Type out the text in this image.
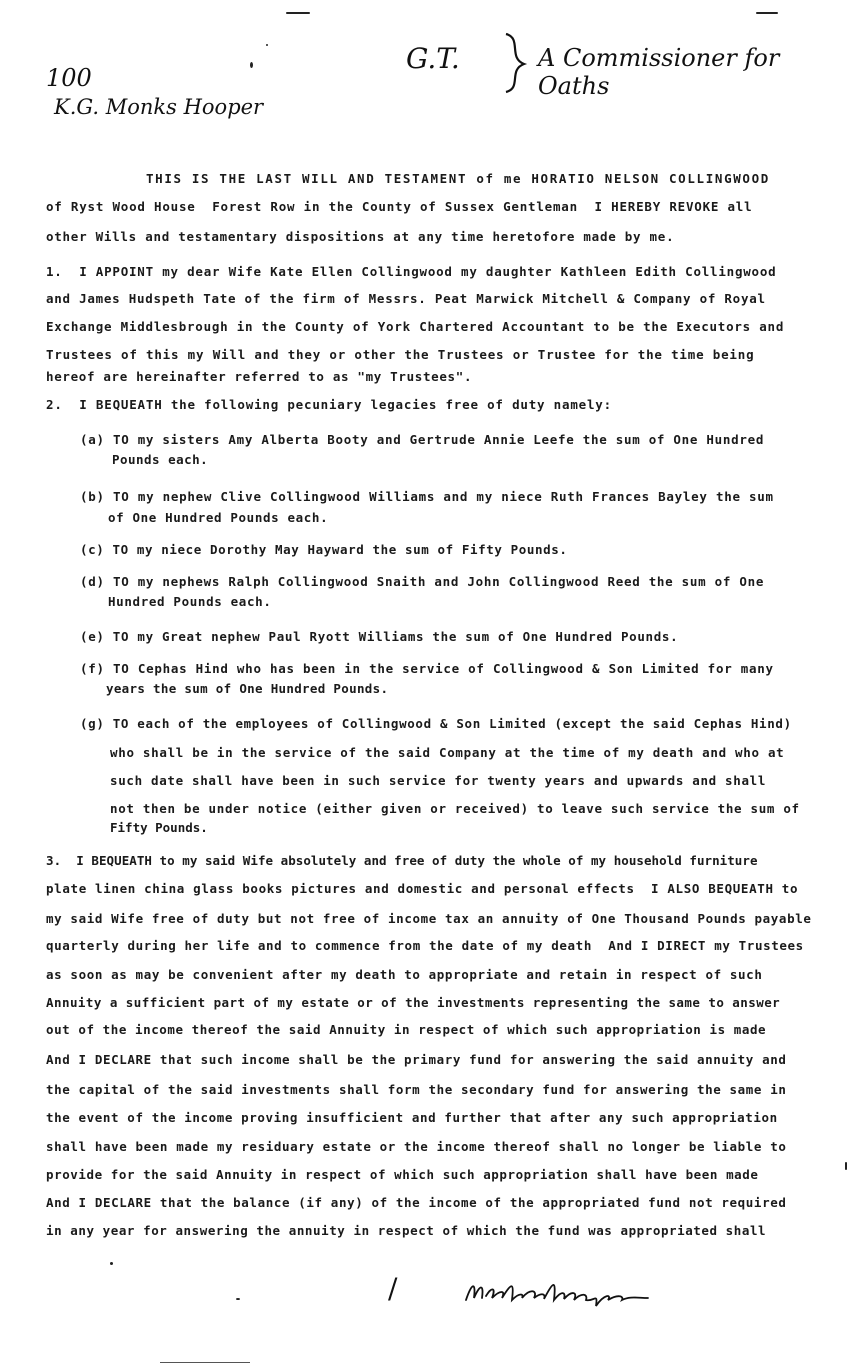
100
K.G. Monks Hooper
G.T.	A Commissioner for Oaths
THIS IS THE LAST WILL AND TESTAMENT of me HORATIO NELSON COLLINGWOOD
of Ryst Wood House  Forest Row in the County of Sussex Gentleman  I HEREBY REVOKE all
other Wills and testamentary dispositions at any time heretofore made by me.
1.  I APPOINT my dear Wife Kate Ellen Collingwood my daughter Kathleen Edith Collingwood
and James Hudspeth Tate of the firm of Messrs. Peat Marwick Mitchell & Company of Royal
Exchange Middlesbrough in the County of York Chartered Accountant to be the Executors and
Trustees of this my Will and they or other the Trustees or Trustee for the time being
hereof are hereinafter referred to as "my Trustees".
2.  I BEQUEATH the following pecuniary legacies free of duty namely:
(a) TO my sisters Amy Alberta Booty and Gertrude Annie Leefe the sum of One Hundred
Pounds each.
(b) TO my nephew Clive Collingwood Williams and my niece Ruth Frances Bayley the sum
of One Hundred Pounds each.
(c) TO my niece Dorothy May Hayward the sum of Fifty Pounds.
(d) TO my nephews Ralph Collingwood Snaith and John Collingwood Reed the sum of One
Hundred Pounds each.
(e) TO my Great nephew Paul Ryott Williams the sum of One Hundred Pounds.
(f) TO Cephas Hind who has been in the service of Collingwood & Son Limited for many
years the sum of One Hundred Pounds.
(g) TO each of the employees of Collingwood & Son Limited (except the said Cephas Hind)
who shall be in the service of the said Company at the time of my death and who at
such date shall have been in such service for twenty years and upwards and shall
not then be under notice (either given or received) to leave such service the sum of
Fifty Pounds.
3.  I BEQUEATH to my said Wife absolutely and free of duty the whole of my household furniture
plate linen china glass books pictures and domestic and personal effects  I ALSO BEQUEATH to
my said Wife free of duty but not free of income tax an annuity of One Thousand Pounds payable
quarterly during her life and to commence from the date of my death  And I DIRECT my Trustees
as soon as may be convenient after my death to appropriate and retain in respect of such
Annuity a sufficient part of my estate or of the investments representing the same to answer
out of the income thereof the said Annuity in respect of which such appropriation is made
And I DECLARE that such income shall be the primary fund for answering the said annuity and
the capital of the said investments shall form the secondary fund for answering the same in
the event of the income proving insufficient and further that after any such appropriation
shall have been made my residuary estate or the income thereof shall no longer be liable to
provide for the said Annuity in respect of which such appropriation shall have been made
And I DECLARE that the balance (if any) of the income of the appropriated fund not required
in any year for answering the annuity in respect of which the fund was appropriated shall
/
